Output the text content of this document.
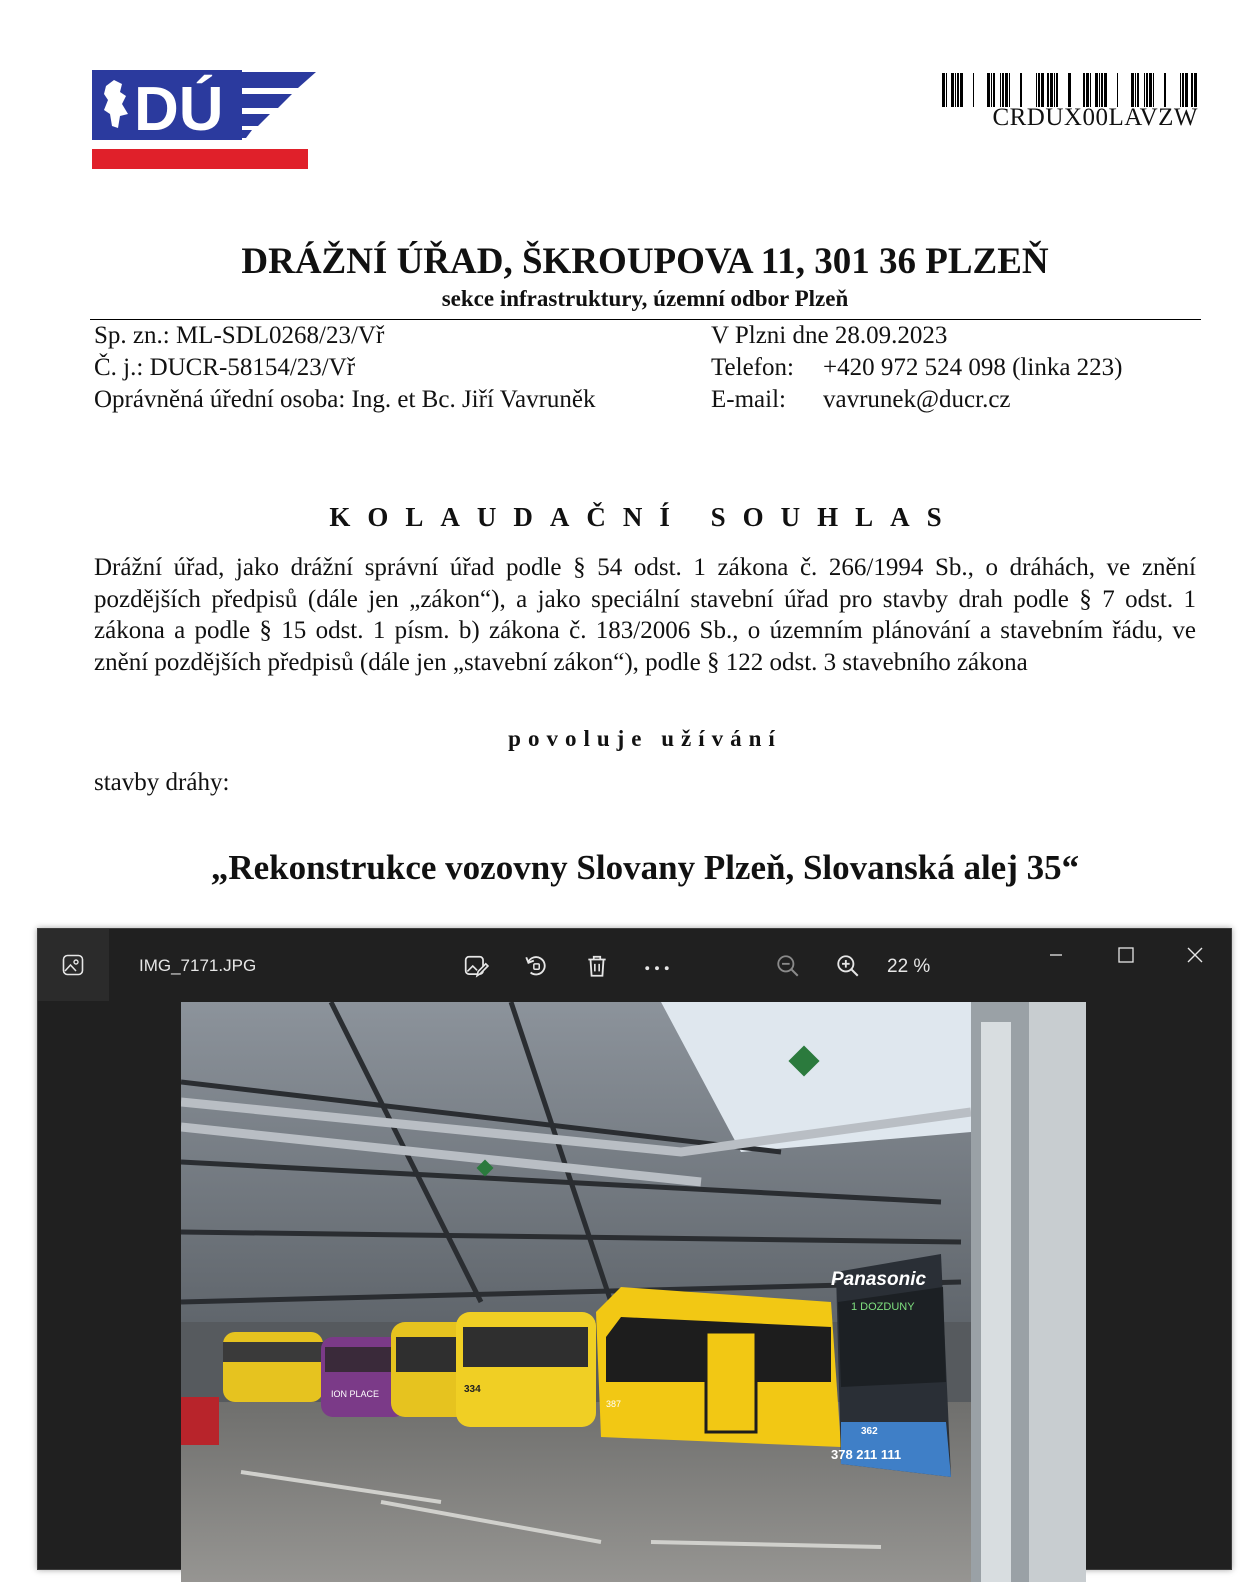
DÚ	CRDUX00LAVZW
DRÁŽNÍ ÚŘAD, ŠKROUPOVA 11, 301 36 PLZEŇ
sekce infrastruktury, územní odbor Plzeň
Sp. zn.: ML-SDL0268/23/Vř
Č. j.: DUCR-58154/23/Vř
Oprávněná úřední osoba: Ing. et Bc. Jiří Vavruněk
V Plzni dne 28.09.2023
Telefon: +420 972 524 098 (linka 223)
E-mail: vavrunek@ducr.cz
KOLAUDAČNÍ SOUHLAS
Drážní úřad, jako drážní správní úřad podle § 54 odst. 1 zákona č. 266/1994 Sb., o dráhách, ve znění pozdějších předpisů (dále jen „zákon“), a jako speciální stavební úřad pro stavby drah podle § 7 odst. 1 zákona a podle § 15 odst. 1 písm. b) zákona č. 183/2006 Sb., o územním plánování a stavebním řádu, ve znění pozdějších předpisů (dále jen „stavební zákon“), podle § 122 odst. 3 stavebního zákona
povoluje užívání
stavby dráhy:
„Rekonstrukce vozovny Slovany Plzeň, Slovanská alej 35“
IMG_7171.JPG	22 %
ION PLACE	334
2 VOZOVNA
387
Panasonic
1 DOZDUNY
362
378 211 111
